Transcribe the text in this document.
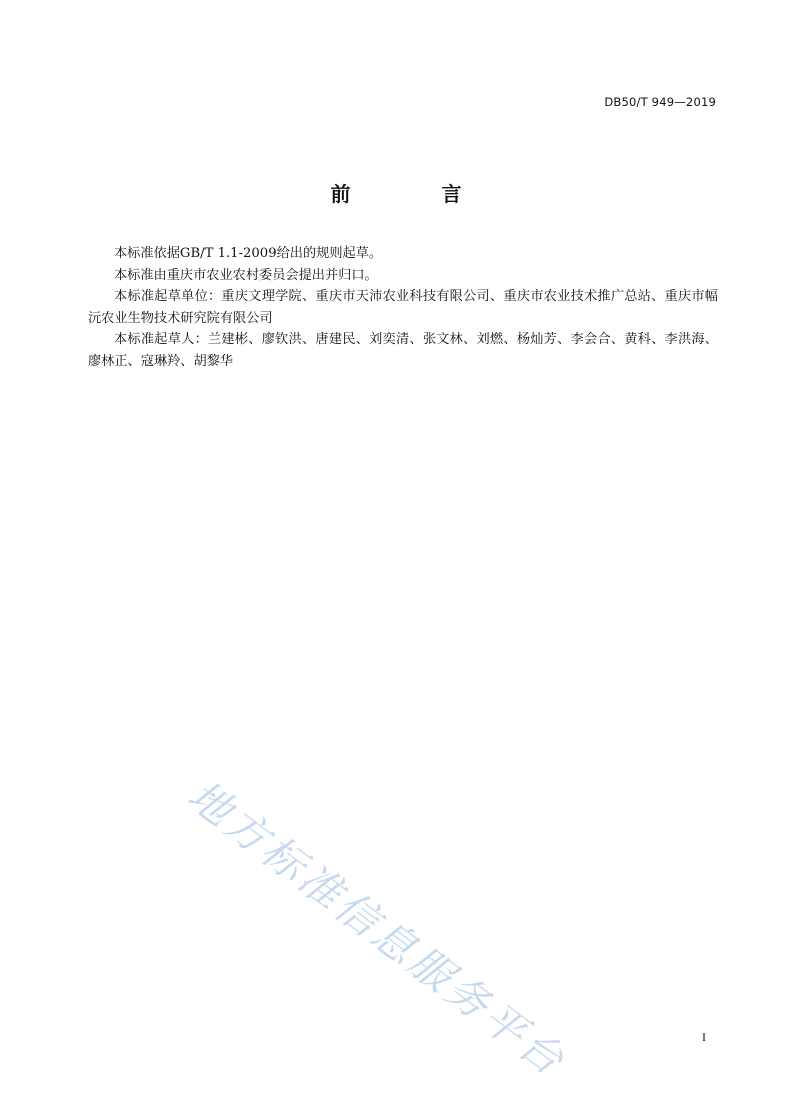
DB50/T 949—2019
前 言

本标准依据GB/T 1.1-2009给出的规则起草。

本标准由重庆市农业农村委员会提出并归口。

本标准起草单位：重庆文理学院、重庆市天沛农业科技有限公司、重庆市农业技术推广总站、重庆市幅沅农业生物技术研究院有限公司

本标准起草人：兰建彬、廖钦洪、唐建民、刘奕清、张文林、刘燃、杨灿芳、李会合、黄科、李洪海、廖林正、寇琳羚、胡黎华

地方标准信息服务平台	I
